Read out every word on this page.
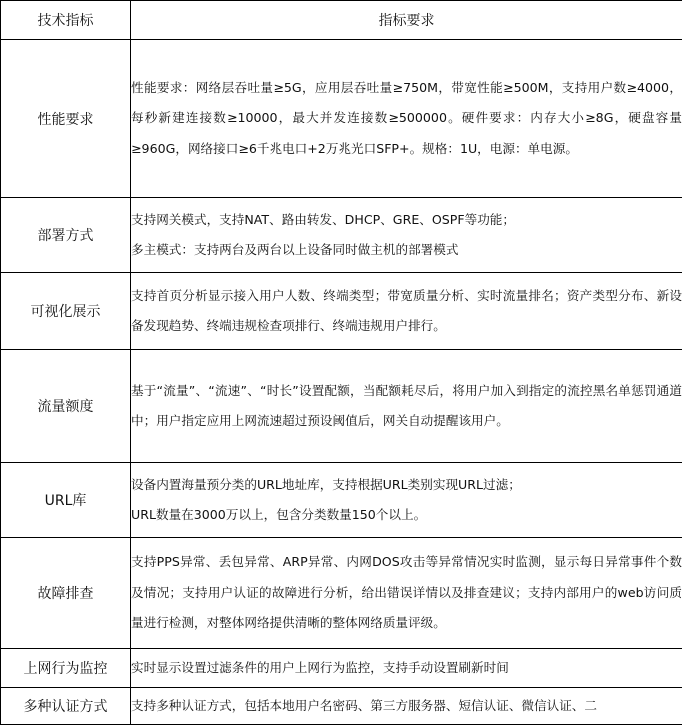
技术指标	指标要求
性能要求	性能要求：网络层吞吐量≥5G，应用层吞吐量≥750M，带宽性能≥500M，支持用户数≥4000，每秒新建连接数≥10000，最大并发连接数≥500000。硬件要求：内存大小≥8G，硬盘容量≥960G，网络接口≥6千兆电口+2万兆光口SFP+。规格：1U，电源：单电源。

部署方式	支持网关模式，支持NAT、路由转发、DHCP、GRE、OSPF等功能；

多主模式：支持两台及两台以上设备同时做主机的部署模式

可视化展示	支持首页分析显示接入用户人数、终端类型；带宽质量分析、实时流量排名；资产类型分布、新设备发现趋势、终端违规检查项排行、终端违规用户排行。

流量额度	基于“流量”、“流速”、“时长”设置配额，当配额耗尽后，将用户加入到指定的流控黑名单惩罚通道中；用户指定应用上网流速超过预设阈值后，网关自动提醒该用户。

URL库	设备内置海量预分类的URL地址库，支持根据URL类别实现URL过滤；

URL数量在3000万以上，包含分类数量150个以上。

故障排查	支持PPS异常、丢包异常、ARP异常、内网DOS攻击等异常情况实时监测，显示每日异常事件个数及情况；支持用户认证的故障进行分析，给出错误详情以及排查建议；支持内部用户的web访问质量进行检测，对整体网络提供清晰的整体网络质量评级。

上网行为监控	实时显示设置过滤条件的用户上网行为监控，支持手动设置刷新时间

多种认证方式	支持多种认证方式，包括本地用户名密码、第三方服务器、短信认证、微信认证、二
